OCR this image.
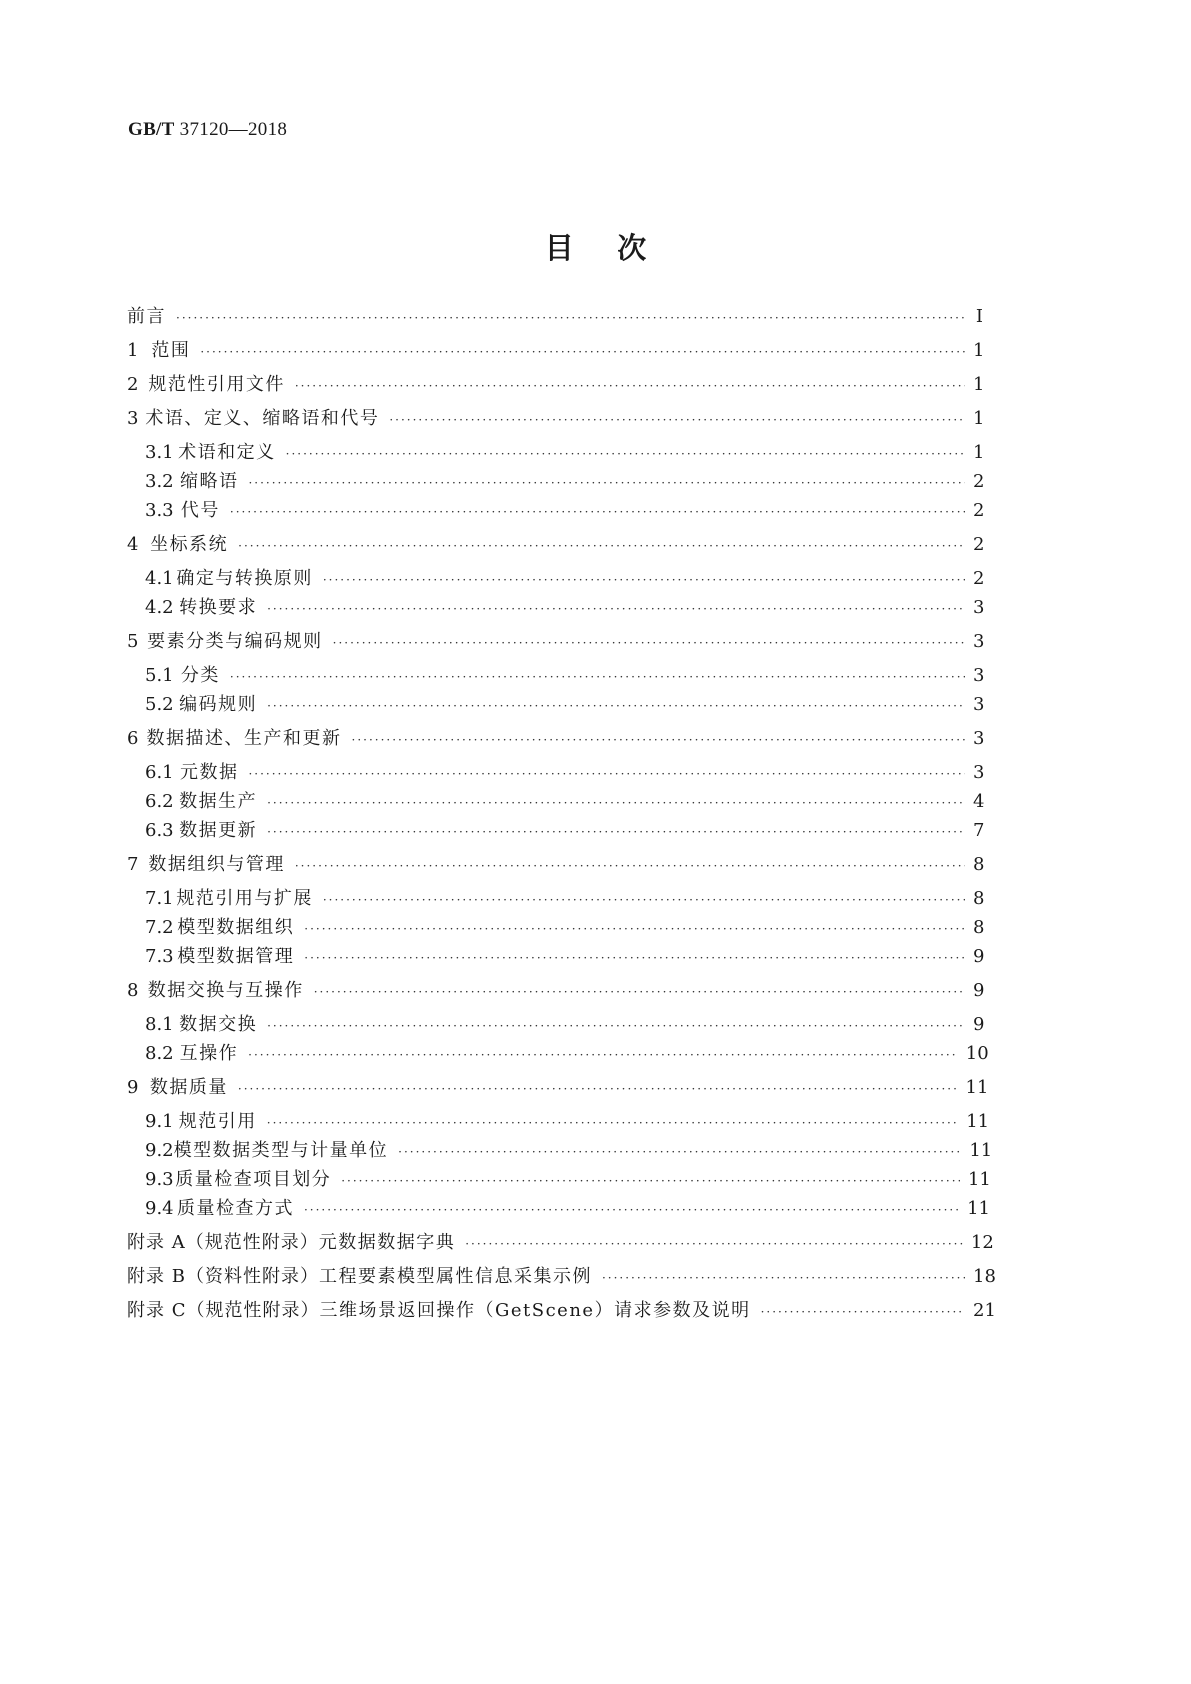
GB/T 37120—2018
目次
前言 ·····	Ⅰ
1 范围 ·····	1
2 规范性引用文件 ·····	1
3 术语、定义、缩略语和代号 ·····	1
3.1 术语和定义 ·····	1
3.2 缩略语 ·····	2
3.3 代号 ·····	2
4 坐标系统 ·····	2
4.1 确定与转换原则 ·····	2
4.2 转换要求 ·····	3
5 要素分类与编码规则 ·····	3
5.1 分类 ·····	3
5.2 编码规则 ·····	3
6 数据描述、生产和更新 ·····	3
6.1 元数据 ·····	3
6.2 数据生产 ·····	4
6.3 数据更新 ·····	7
7 数据组织与管理 ·····	8
7.1 规范引用与扩展 ·····	8
7.2 模型数据组织 ·····	8
7.3 模型数据管理 ·····	9
8 数据交换与互操作 ·····	9
8.1 数据交换 ·····	9
8.2 互操作 ·····	10
9 数据质量 ·····	11
9.1 规范引用 ·····	11
9.2 模型数据类型与计量单位 ·····	11
9.3 质量检查项目划分 ·····	11
9.4 质量检查方式 ·····	11
附录 A（规范性附录） 元数据数据字典 ·····	12
附录 B（资料性附录） 工程要素模型属性信息采集示例 ·····	18
附录 C（规范性附录） 三维场景返回操作（GetScene）请求参数及说明 ·····	21
